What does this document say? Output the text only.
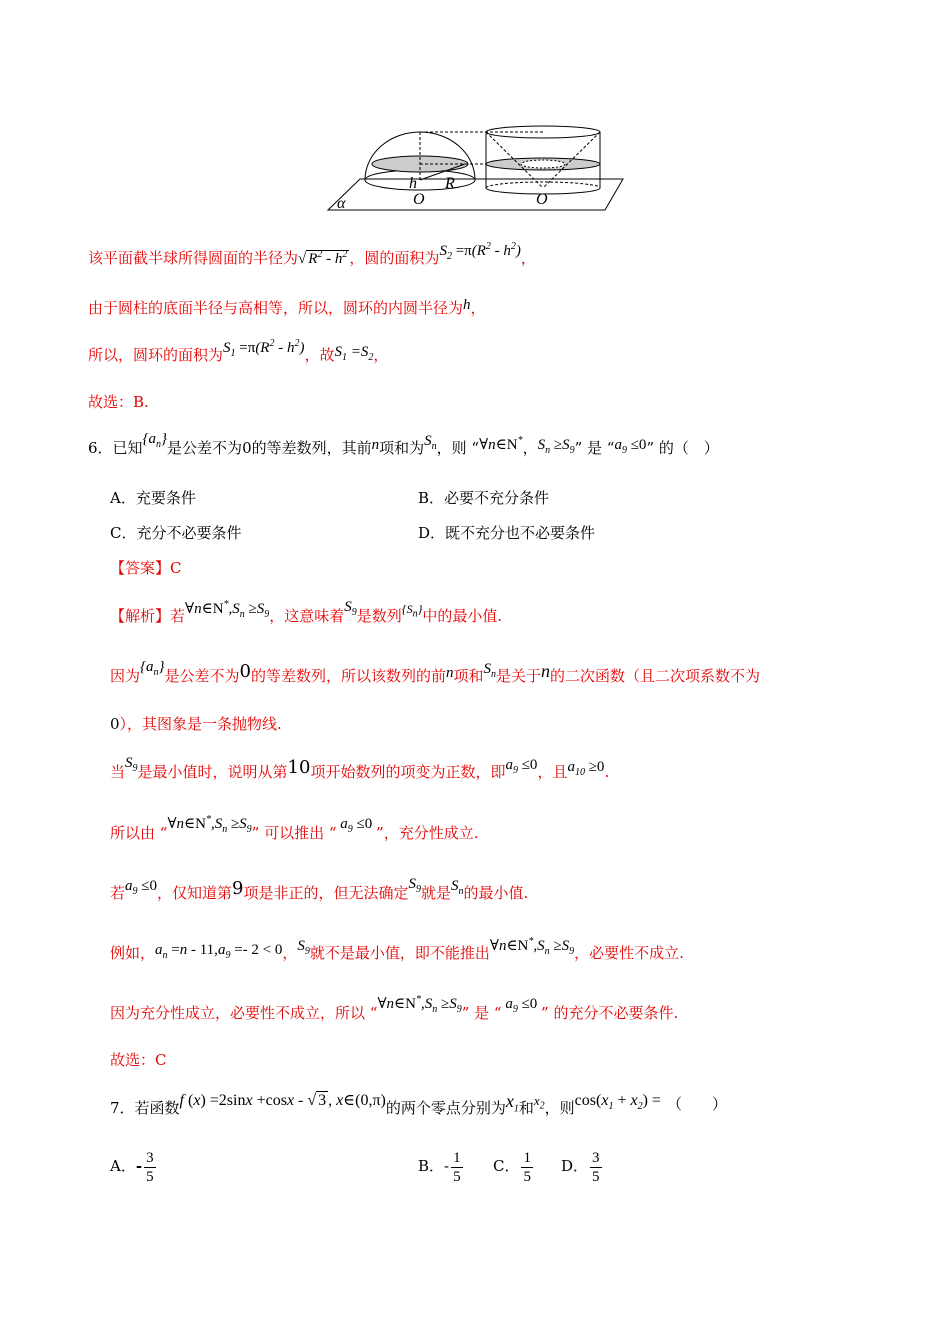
α
h R
O	O
该平面截半球所得圆面的半径为√ $R^2 - h^2$ ，圆的面积为$S_2 =\pi(R^2 - h^2)$，
由于圆柱的底面半径与高相等，所以，圆环的内圆半径为h，
所以，圆环的面积为$S_1 =\pi(R^2 - h^2)$，故$S_1 =S_2$，
故选：B.
6．已知$\{a_n\}$是公差不为0的等差数列，其前n项和为$S_n$，则 “∀n∈N*，$S_n \ge S_9$” 是 “$a_9 \le 0$” 的（　）
A．充要条件	B．必要不充分条件
C．充分不必要条件	D．既不充分也不必要条件
【答案】C
【解析】若$\forall n\in N^*,S_n \ge S_9$，这意味着$S_9$是数列$^{\{S_n\}}$中的最小值.
因为$\{a_n\}$是公差不为0的等差数列，所以该数列的前n项和$S_n$是关于n的二次函数（且二次项系数不为
0），其图象是一条抛物线.
当$S_9$是最小值时，说明从第10项开始数列的项变为正数，即$a_9 \le 0$，且$a_{10} \ge 0$.
所以由 “$\forall n\in N^*,S_n \ge S_9$” 可以推出 “ $a_9 \le 0$ ”，充分性成立.
若$a_9 \le 0$，仅知道第9项是非正的，但无法确定$S_9$就是$S_n$的最小值.
例如，$a_n =n - 11,a_9 =- 2 < 0$，$S_9$就不是最小值，即不能推出$\forall n\in N^*,S_n \ge S_9$，必要性不成立.
因为充分性成立，必要性不成立，所以 “$\forall n\in N^*,S_n \ge S_9$” 是 “ $a_9 \le 0$ ” 的充分不必要条件.
故选：C
7．若函数f (x) =2sinx +cosx - √ 3 , x∈(0,π)的两个零点分别为$x_1$和$x_2$，则$\cos(x_1 + x_2)$ = （　　）
A．- $\frac{3}{5}$	B．- $\frac{1}{5}$ C． $\frac{1}{5}$ D． $\frac{3}{5}$
